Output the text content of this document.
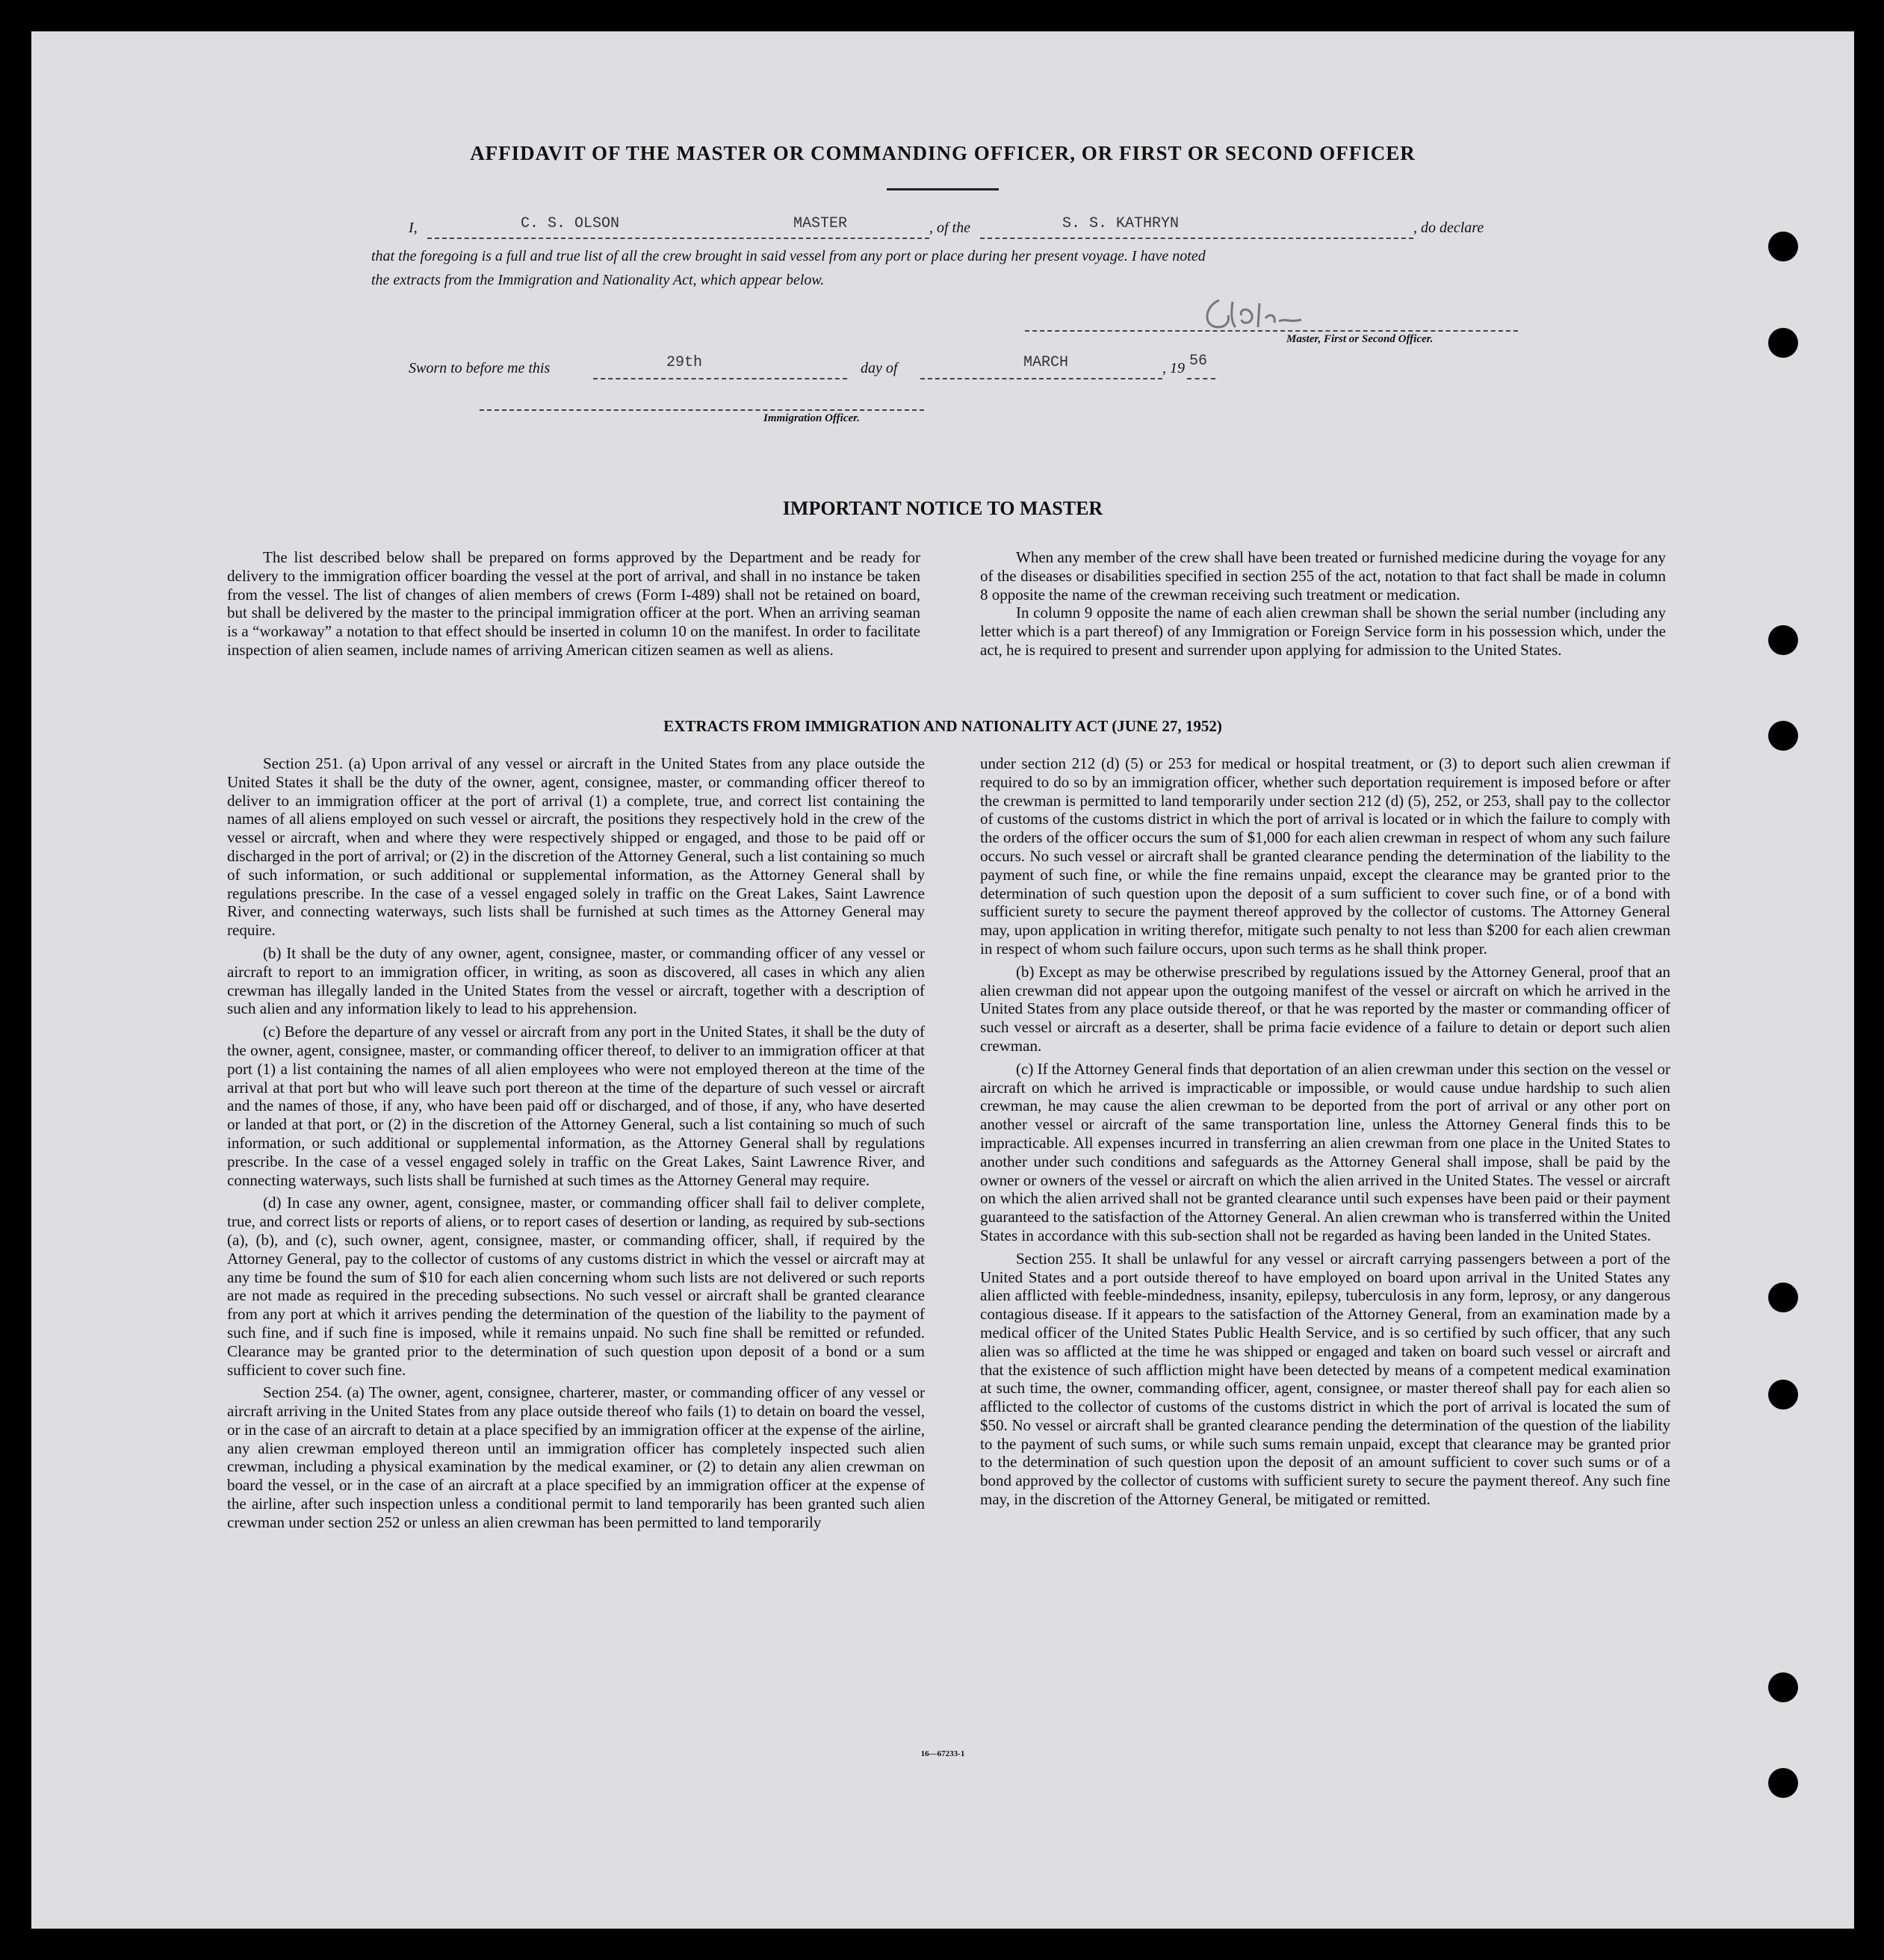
AFFIDAVIT OF THE MASTER OR COMMANDING OFFICER, OR FIRST OR SECOND OFFICER
I,	C. S. OLSON	MASTER	, of the	S. S. KATHRYN	, do declare
that the foregoing is a full and true list of all the crew brought in said vessel from any port or place during her present voyage. I have noted
the extracts from the Immigration and Nationality Act, which appear below.
Master, First or Second Officer.
Sworn to before me this	29th	day of	MARCH	, 19 56
Immigration Officer.
IMPORTANT NOTICE TO MASTER

The list described below shall be prepared on forms approved by the Department and be ready for delivery to the immigration officer boarding the vessel at the port of arrival, and shall in no instance be taken from the vessel. The list of changes of alien members of crews (Form I-489) shall not be retained on board, but shall be delivered by the master to the principal immigration officer at the port. When an arriving seaman is a “workaway” a notation to that effect should be inserted in column 10 on the manifest. In order to facilitate inspection of alien seamen, include names of arriving American citizen seamen as well as aliens.

When any member of the crew shall have been treated or furnished medicine during the voyage for any of the diseases or disabilities specified in section 255 of the act, notation to that fact shall be made in column 8 opposite the name of the crewman receiving such treatment or medication.

In column 9 opposite the name of each alien crewman shall be shown the serial number (including any letter which is a part thereof) of any Immigration or Foreign Service form in his possession which, under the act, he is required to present and surrender upon applying for admission to the United States.

EXTRACTS FROM IMMIGRATION AND NATIONALITY ACT (JUNE 27, 1952)

Section 251. (a) Upon arrival of any vessel or aircraft in the United States from any place outside the United States it shall be the duty of the owner, agent, consignee, master, or commanding officer thereof to deliver to an immigration officer at the port of arrival (1) a complete, true, and correct list containing the names of all aliens employed on such vessel or aircraft, the positions they respectively hold in the crew of the vessel or aircraft, when and where they were respectively shipped or engaged, and those to be paid off or discharged in the port of arrival; or (2) in the discretion of the Attorney General, such a list containing so much of such information, or such additional or supplemental information, as the Attorney General shall by regulations prescribe. In the case of a vessel engaged solely in traffic on the Great Lakes, Saint Lawrence River, and connecting waterways, such lists shall be furnished at such times as the Attorney General may require.

(b) It shall be the duty of any owner, agent, consignee, master, or commanding officer of any vessel or aircraft to report to an immigration officer, in writing, as soon as discovered, all cases in which any alien crewman has illegally landed in the United States from the vessel or aircraft, together with a description of such alien and any information likely to lead to his apprehension.

(c) Before the departure of any vessel or aircraft from any port in the United States, it shall be the duty of the owner, agent, consignee, master, or commanding officer thereof, to deliver to an immigration officer at that port (1) a list containing the names of all alien employees who were not employed thereon at the time of the arrival at that port but who will leave such port thereon at the time of the departure of such vessel or aircraft and the names of those, if any, who have been paid off or discharged, and of those, if any, who have deserted or landed at that port, or (2) in the discretion of the Attorney General, such a list containing so much of such information, or such additional or supplemental information, as the Attorney General shall by regulations prescribe. In the case of a vessel engaged solely in traffic on the Great Lakes, Saint Lawrence River, and connecting waterways, such lists shall be furnished at such times as the Attorney General may require.

(d) In case any owner, agent, consignee, master, or commanding officer shall fail to deliver complete, true, and correct lists or reports of aliens, or to report cases of desertion or landing, as required by sub-sections (a), (b), and (c), such owner, agent, consignee, master, or commanding officer, shall, if required by the Attorney General, pay to the collector of customs of any customs district in which the vessel or aircraft may at any time be found the sum of $10 for each alien concerning whom such lists are not delivered or such reports are not made as required in the preceding subsections. No such vessel or aircraft shall be granted clearance from any port at which it arrives pending the determination of the question of the liability to the payment of such fine, and if such fine is imposed, while it remains unpaid. No such fine shall be remitted or refunded. Clearance may be granted prior to the determination of such question upon deposit of a bond or a sum sufficient to cover such fine.

Section 254. (a) The owner, agent, consignee, charterer, master, or commanding officer of any vessel or aircraft arriving in the United States from any place outside thereof who fails (1) to detain on board the vessel, or in the case of an aircraft to detain at a place specified by an immigration officer at the expense of the airline, any alien crewman employed thereon until an immigration officer has completely inspected such alien crewman, including a physical examination by the medical examiner, or (2) to detain any alien crewman on board the vessel, or in the case of an aircraft at a place specified by an immigration officer at the expense of the airline, after such inspection unless a conditional permit to land temporarily has been granted such alien crewman under section 252 or unless an alien crewman has been permitted to land temporarily

under section 212 (d) (5) or 253 for medical or hospital treatment, or (3) to deport such alien crewman if required to do so by an immigration officer, whether such deportation requirement is imposed before or after the crewman is permitted to land temporarily under section 212 (d) (5), 252, or 253, shall pay to the collector of customs of the customs district in which the port of arrival is located or in which the failure to comply with the orders of the officer occurs the sum of $1,000 for each alien crewman in respect of whom any such failure occurs. No such vessel or aircraft shall be granted clearance pending the determination of the liability to the payment of such fine, or while the fine remains unpaid, except the clearance may be granted prior to the determination of such question upon the deposit of a sum sufficient to cover such fine, or of a bond with sufficient surety to secure the payment thereof approved by the collector of customs. The Attorney General may, upon application in writing therefor, mitigate such penalty to not less than $200 for each alien crewman in respect of whom such failure occurs, upon such terms as he shall think proper.

(b) Except as may be otherwise prescribed by regulations issued by the Attorney General, proof that an alien crewman did not appear upon the outgoing manifest of the vessel or aircraft on which he arrived in the United States from any place outside thereof, or that he was reported by the master or commanding officer of such vessel or aircraft as a deserter, shall be prima facie evidence of a failure to detain or deport such alien crewman.

(c) If the Attorney General finds that deportation of an alien crewman under this section on the vessel or aircraft on which he arrived is impracticable or impossible, or would cause undue hardship to such alien crewman, he may cause the alien crewman to be deported from the port of arrival or any other port on another vessel or aircraft of the same transportation line, unless the Attorney General finds this to be impracticable. All expenses incurred in transferring an alien crewman from one place in the United States to another under such conditions and safeguards as the Attorney General shall impose, shall be paid by the owner or owners of the vessel or aircraft on which the alien arrived in the United States. The vessel or aircraft on which the alien arrived shall not be granted clearance until such expenses have been paid or their payment guaranteed to the satisfaction of the Attorney General. An alien crewman who is transferred within the United States in accordance with this sub-section shall not be regarded as having been landed in the United States.

Section 255. It shall be unlawful for any vessel or aircraft carrying passengers between a port of the United States and a port outside thereof to have employed on board upon arrival in the United States any alien afflicted with feeble-mindedness, insanity, epilepsy, tuberculosis in any form, leprosy, or any dangerous contagious disease. If it appears to the satisfaction of the Attorney General, from an examination made by a medical officer of the United States Public Health Service, and is so certified by such officer, that any such alien was so afflicted at the time he was shipped or engaged and taken on board such vessel or aircraft and that the existence of such affliction might have been detected by means of a competent medical examination at such time, the owner, commanding officer, agent, consignee, or master thereof shall pay for each alien so afflicted to the collector of customs of the customs district in which the port of arrival is located the sum of $50. No vessel or aircraft shall be granted clearance pending the determination of the question of the liability to the payment of such sums, or while such sums remain unpaid, except that clearance may be granted prior to the determination of such question upon the deposit of an amount sufficient to cover such sums or of a bond approved by the collector of customs with sufficient surety to secure the payment thereof. Any such fine may, in the discretion of the Attorney General, be mitigated or remitted.

16—67233-1
